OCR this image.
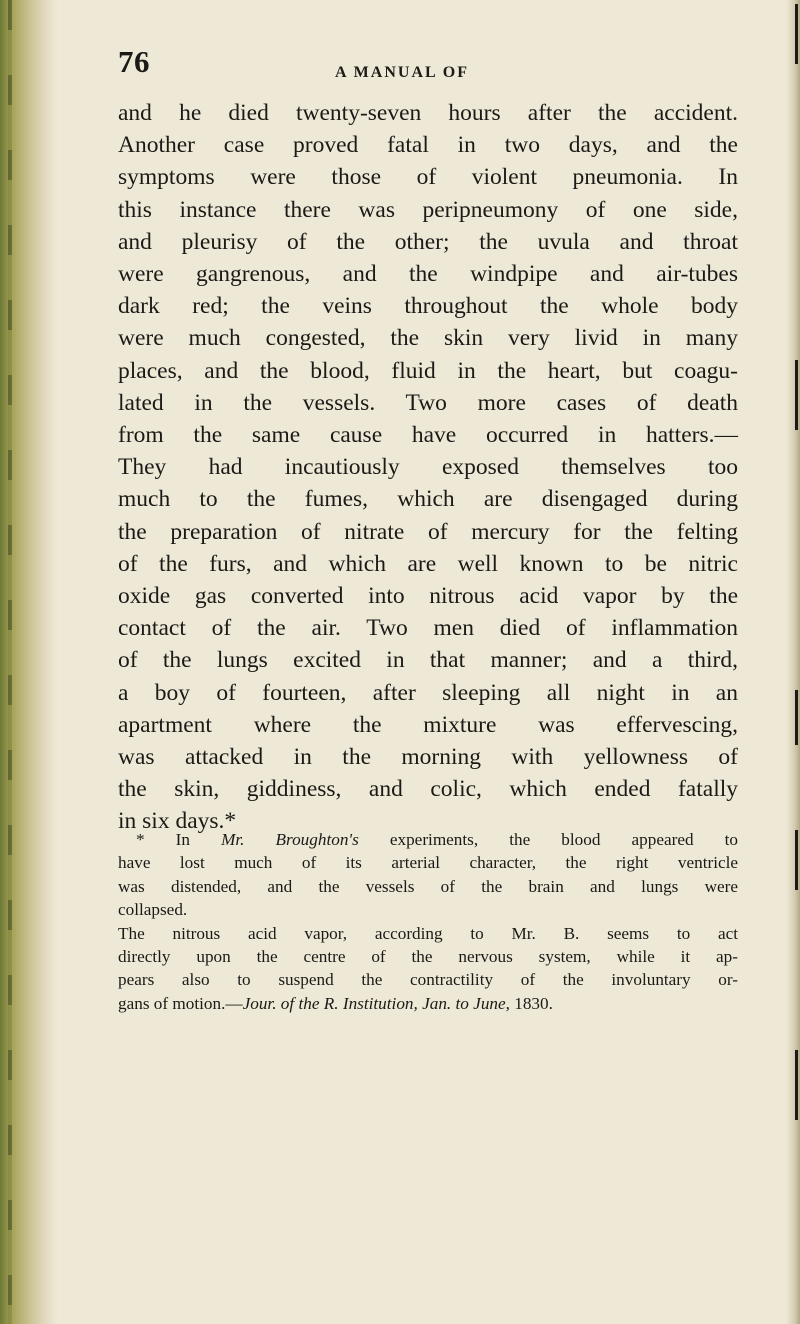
76	A MANUAL OF
and he died twenty-seven hours after the accident.
Another case proved fatal in two days, and the
symptoms were those of violent pneumonia. In
this instance there was peripneumony of one side,
and pleurisy of the other; the uvula and throat
were gangrenous, and the windpipe and air-tubes
dark red; the veins throughout the whole body
were much congested, the skin very livid in many
places, and the blood, fluid in the heart, but coagu-
lated in the vessels. Two more cases of death
from the same cause have occurred in hatters.—
They had incautiously exposed themselves too
much to the fumes, which are disengaged during
the preparation of nitrate of mercury for the felting
of the furs, and which are well known to be nitric
oxide gas converted into nitrous acid vapor by the
contact of the air. Two men died of inflammation
of the lungs excited in that manner; and a third,
a boy of fourteen, after sleeping all night in an
apartment where the mixture was effervescing,
was attacked in the morning with yellowness of
the skin, giddiness, and colic, which ended fatally
in six days.*
* In Mr. Broughton's experiments, the blood appeared to
have lost much of its arterial character, the right ventricle
was distended, and the vessels of the brain and lungs were
collapsed.
The nitrous acid vapor, according to Mr. B. seems to act
directly upon the centre of the nervous system, while it ap-
pears also to suspend the contractility of the involuntary or-
gans of motion.—Jour. of the R. Institution, Jan. to June, 1830.
